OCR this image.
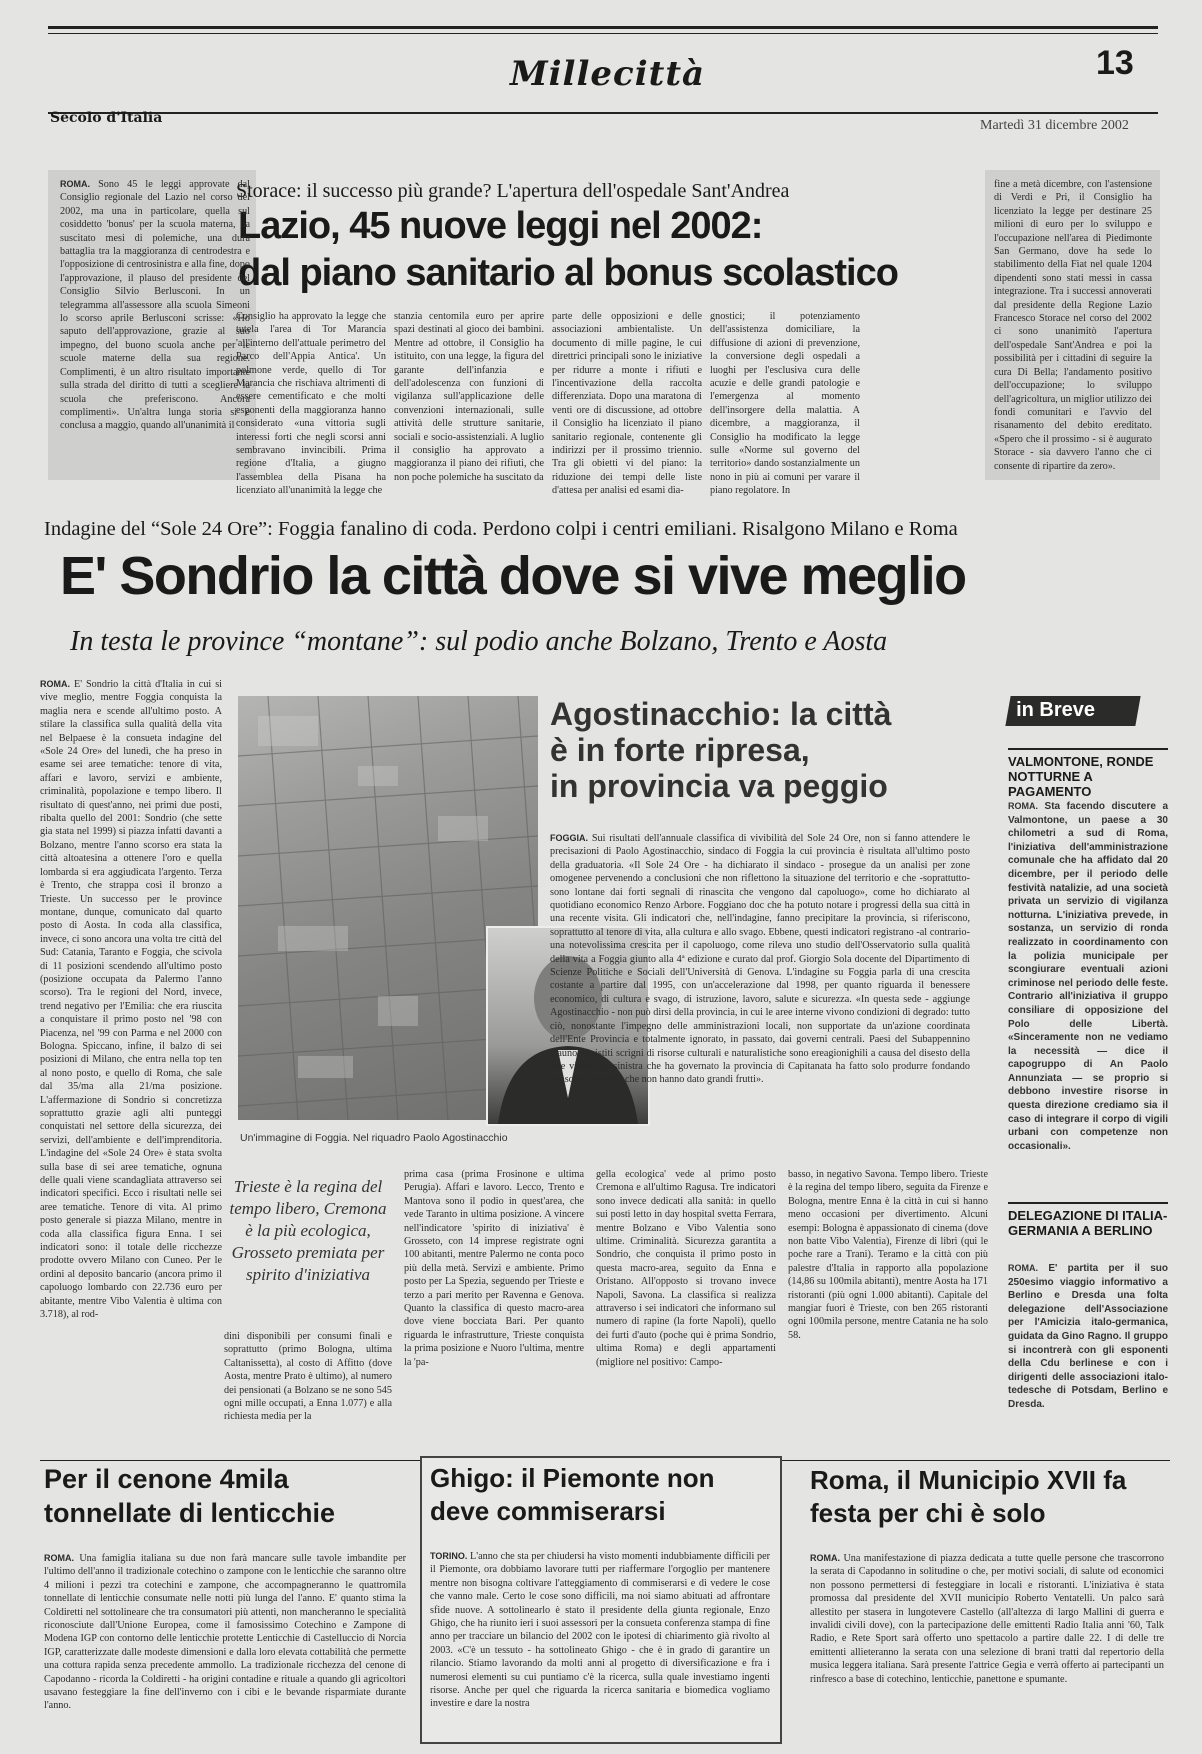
Millecittà	13
Secolo d'Italia	Martedì 31 dicembre 2002
Storace: il successo più grande? L'apertura dell'ospedale Sant'Andrea
Lazio, 45 nuove leggi nel 2002:
dal piano sanitario al bonus scolastico
ROMA. Sono 45 le leggi approvate dal Consiglio regionale del Lazio nel corso del 2002, ma una in particolare, quella sul cosiddetto 'bonus' per la scuola materna, ha suscitato mesi di polemiche, una dura battaglia tra la maggioranza di centrodestra e l'opposizione di centrosinistra e alla fine, dopo l'approvazione, il plauso del presidente del Consiglio Silvio Berlusconi. In un telegramma all'assessore alla scuola Simeoni lo scorso aprile Berlusconi scrisse: «Ho saputo dell'approvazione, grazie al suo impegno, del buono scuola anche per le scuole materne della sua regione. Complimenti, è un altro risultato importante sulla strada del diritto di tutti a scegliere la scuola che preferiscono. Ancora complimenti». Un'altra lunga storia si è conclusa a maggio, quando all'unanimità il
Consiglio ha approvato la legge che tutela l'area di Tor Marancia 'all'interno dell'attuale perimetro del Parco dell'Appia Antica'. Un polmone verde, quello di Tor Marancia che rischiava altrimenti di essere cementificato e che molti esponenti della maggioranza hanno considerato «una vittoria sugli interessi forti che negli scorsi anni sembravano invincibili. Prima regione d'Italia, a giugno l'assemblea della Pisana ha licenziato all'unanimità la legge che
stanzia centomila euro per aprire spazi destinati al gioco dei bambini. Mentre ad ottobre, il Consiglio ha istituito, con una legge, la figura del garante dell'infanzia e dell'adolescenza con funzioni di vigilanza sull'applicazione delle convenzioni internazionali, sulle attività delle strutture sanitarie, sociali e socio-assistenziali. A luglio il consiglio ha approvato a maggioranza il piano dei rifiuti, che non poche polemiche ha suscitato da
parte delle opposizioni e delle associazioni ambientaliste. Un documento di mille pagine, le cui direttrici principali sono le iniziative per ridurre a monte i rifiuti e l'incentivazione della raccolta differenziata. Dopo una maratona di venti ore di discussione, ad ottobre il Consiglio ha licenziato il piano sanitario regionale, contenente gli indirizzi per il prossimo triennio. Tra gli obietti vi del piano: la riduzione dei tempi delle liste d'attesa per analisi ed esami dia-
gnostici; il potenziamento dell'assistenza domiciliare, la diffusione di azioni di prevenzione, la conversione degli ospedali a luoghi per l'esclusiva cura delle acuzie e delle grandi patologie e l'emergenza al momento dell'insorgere della malattia. A dicembre, a maggioranza, il Consiglio ha modificato la legge sulle «Norme sul governo del territorio» dando sostanzialmente un nono in più ai comuni per varare il piano regolatore. In
fine a metà dicembre, con l'astensione di Verdi e Pri, il Consiglio ha licenziato la legge per destinare 25 milioni di euro per lo sviluppo e l'occupazione nell'area di Piedimonte San Germano, dove ha sede lo stabilimento della Fiat nel quale 1204 dipendenti sono stati messi in cassa integrazione. Tra i successi annoverati dal presidente della Regione Lazio Francesco Storace nel corso del 2002 ci sono unanimitò l'apertura dell'ospedale Sant'Andrea e poi la possibilità per i cittadini di seguire la cura Di Bella; l'andamento positivo dell'occupazione; lo sviluppo dell'agricoltura, un miglior utilizzo dei fondi comunitari e l'avvio del risanamento del debito ereditato. «Spero che il prossimo - si è augurato Storace - sia davvero l'anno che ci consente di ripartire da zero».
Indagine del “Sole 24 Ore”: Foggia fanalino di coda. Perdono colpi i centri emiliani. Risalgono Milano e Roma
E' Sondrio la città dove si vive meglio
In testa le province “montane”: sul podio anche Bolzano, Trento e Aosta
ROMA. E' Sondrio la città d'Italia in cui si vive meglio, mentre Foggia conquista la maglia nera e scende all'ultimo posto. A stilare la classifica sulla qualità della vita nel Belpaese è la consueta indagine del «Sole 24 Ore» del lunedì, che ha preso in esame sei aree tematiche: tenore di vita, affari e lavoro, servizi e ambiente, criminalità, popolazione e tempo libero. Il risultato di quest'anno, nei primi due posti, ribalta quello del 2001: Sondrio (che sette gia stata nel 1999) si piazza infatti davanti a Bolzano, mentre l'anno scorso era stata la città altoatesina a ottenere l'oro e quella lombarda si era aggiudicata l'argento. Terza è Trento, che strappa così il bronzo a Trieste. Un successo per le province montane, dunque, comunicato dal quarto posto di Aosta. In coda alla classifica, invece, ci sono ancora una volta tre città del Sud: Catania, Taranto e Foggia, che scivola di 11 posizioni scendendo all'ultimo posto (posizione occupata da Palermo l'anno scorso). Tra le regioni del Nord, invece, trend negativo per l'Emilia: che era riuscita a conquistare il primo posto nel '98 con Piacenza, nel '99 con Parma e nel 2000 con Bologna. Spiccano, infine, il balzo di sei posizioni di Milano, che entra nella top ten al nono posto, e quello di Roma, che sale dal 35/ma alla 21/ma posizione. L'affermazione di Sondrio si concretizza soprattutto grazie agli alti punteggi conquistati nel settore della sicurezza, dei servizi, dell'ambiente e dell'imprenditoria. L'indagine del «Sole 24 Ore» è stata svolta sulla base di sei aree tematiche, ognuna delle quali viene scandagliata attraverso sei indicatori specifici. Ecco i risultati nelle sei aree tematiche. Tenore di vita. Al primo posto generale si piazza Milano, mentre in coda alla classifica figura Enna. I sei indicatori sono: il totale delle ricchezze prodotte ovvero Milano con Cuneo. Per le ordini al deposito bancario (ancora primo il capoluogo lombardo con 22.736 euro per abitante, mentre Vibo Valentia è ultima con 3.718), al rod-
Un'immagine di Foggia. Nel riquadro Paolo Agostinacchio
Agostinacchio: la città
è in forte ripresa,
in provincia va peggio
FOGGIA. Sui risultati dell'annuale classifica di vivibilità del Sole 24 Ore, non si fanno attendere le precisazioni di Paolo Agostinacchio, sindaco di Foggia la cui provincia è risultata all'ultimo posto della graduatoria. «Il Sole 24 Ore - ha dichiarato il sindaco - prosegue da un analisi per zone omogenee pervenendo a conclusioni che non riflettono la situazione del territorio e che -soprattutto- sono lontane dai forti segnali di rinascita che vengono dal capoluogo», come ho dichiarato al quotidiano economico Renzo Arbore. Foggiano doc che ha potuto notare i progressi della sua città in una recente visita. Gli indicatori che, nell'indagine, fanno precipitare la provincia, si riferiscono, soprattutto al tenore di vita, alla cultura e allo svago. Ebbene, questi indicatori registrano -al contrario- una notevolissima crescita per il capoluogo, come rileva uno studio dell'Osservatorio sulla qualità della vita a Foggia giunto alla 4ª edizione e curato dal prof. Giorgio Sola docente del Dipartimento di Scienze Politiche e Sociali dell'Università di Genova. L'indagine su Foggia parla di una crescita costante a partire dal 1995, con un'accelerazione dal 1998, per quanto riguarda il benessere economico, di cultura e svago, di istruzione, lavoro, salute e sicurezza. «In questa sede - aggiunge Agostinacchio - non può dirsi della provincia, in cui le aree interne vivono condizioni di degrado: tutto ciò, nonostante l'impegno delle amministrazioni locali, non supportate da un'azione coordinata dell'Ente Provincia e totalmente ignorato, in passato, dai governi centrali. Paesi del Subappennino Dauno, assistiti scrigni di risorse culturali e naturalistiche sono ereagionighili a causa del disesto della rete viaria. La sinistra che ha governato la provincia di Capitanata ha fatto solo produrre fondando consorzi e società che non hanno dato grandi frutti».
Trieste è la regina del tempo libero, Cremona è la più ecologica, Grosseto premiata per spirito d'iniziativa
dini disponibili per consumi finali e soprattutto (primo Bologna, ultima Caltanissetta), al costo di Affitto (dove Aosta, mentre Prato è ultimo), al numero dei pensionati (a Bolzano se ne sono 545 ogni mille occupati, a Enna 1.077) e alla richiesta media per la
prima casa (prima Frosinone e ultima Perugia). Affari e lavoro. Lecco, Trento e Mantova sono il podio in quest'area, che vede Taranto in ultima posizione. A vincere nell'indicatore 'spirito di iniziativa' è Grosseto, con 14 imprese registrate ogni 100 abitanti, mentre Palermo ne conta poco più della metà. Servizi e ambiente. Primo posto per La Spezia, seguendo per Trieste e terzo a pari merito per Ravenna e Genova. Quanto la classifica di questo macro-area dove viene bocciata Bari. Per quanto riguarda le infrastrutture, Trieste conquista la prima posizione e Nuoro l'ultima, mentre la 'pa-
gella ecologica' vede al primo posto Cremona e all'ultimo Ragusa. Tre indicatori sono invece dedicati alla sanità: in quello sui posti letto in day hospital svetta Ferrara, mentre Bolzano e Vibo Valentia sono ultime. Criminalità. Sicurezza garantita a Sondrio, che conquista il primo posto in questa macro-area, seguito da Enna e Oristano. All'opposto si trovano invece Napoli, Savona. La classifica si realizza attraverso i sei indicatori che informano sul numero di rapine (la forte Napoli), quello dei furti d'auto (poche qui è prima Sondrio, ultima Roma) e degli appartamenti (migliore nel positivo: Campo-
basso, in negativo Savona. Tempo libero. Trieste è la regina del tempo libero, seguita da Firenze e Bologna, mentre Enna è la città in cui si hanno meno occasioni per divertimento. Alcuni esempi: Bologna è appassionato di cinema (dove non batte Vibo Valentia), Firenze di libri (qui le poche rare a Trani). Teramo e la città con più palestre d'Italia in rapporto alla popolazione (14,86 su 100mila abitanti), mentre Aosta ha 171 ristoranti (più ogni 1.000 abitanti). Capitale del mangiar fuori è Trieste, con ben 265 ristoranti ogni 100mila persone, mentre Catania ne ha solo 58.
in Breve
VALMONTONE, RONDE NOTTURNE A PAGAMENTO
ROMA. Sta facendo discutere a Valmontone, un paese a 30 chilometri a sud di Roma, l'iniziativa dell'amministrazione comunale che ha affidato dal 20 dicembre, per il periodo delle festività natalizie, ad una società privata un servizio di vigilanza notturna. L'iniziativa prevede, in sostanza, un servizio di ronda realizzato in coordinamento con la polizia municipale per scongiurare eventuali azioni criminose nel periodo delle feste. Contrario all'iniziativa il gruppo consiliare di opposizione del Polo delle Libertà. «Sinceramente non ne vediamo la necessità — dice il capogruppo di An Paolo Annunziata — se proprio si debbono investire risorse in questa direzione crediamo sia il caso di integrare il corpo di vigili urbani con competenze non occasionali».
DELEGAZIONE DI ITALIA-GERMANIA A BERLINO
ROMA. E' partita per il suo 250esimo viaggio informativo a Berlino e Dresda una folta delegazione dell'Associazione per l'Amicizia italo-germanica, guidata da Gino Ragno. Il gruppo si incontrerà con gli esponenti della Cdu berlinese e con i dirigenti delle associazioni italo-tedesche di Potsdam, Berlino e Dresda.
Per il cenone 4mila tonnellate di lenticchie
ROMA. Una famiglia italiana su due non farà mancare sulle tavole imbandite per l'ultimo dell'anno il tradizionale cotechino o zampone con le lenticchie che saranno oltre 4 milioni i pezzi tra cotechini e zampone, che accompagneranno le quattromila tonnellate di lenticchie consumate nelle notti più lunga del l'anno. E' quanto stima la Coldiretti nel sottolineare che tra consumatori più attenti, non mancheranno le specialità riconosciute dall'Unione Europea, come il famosissimo Cotechino e Zampone di Modena IGP con contorno delle lenticchie protette Lenticchie di Castelluccio di Norcia IGP, caratterizzate dalle modeste dimensioni e dalla loro elevata cottabilità che permette una cottura rapida senza precedente ammollo. La tradizionale ricchezza del cenone di Capodanno - ricorda la Coldiretti - ha origini contadine e rituale a quando gli agricoltori usavano festeggiare la fine dell'inverno con i cibi e le bevande risparmiate durante l'anno.
Ghigo: il Piemonte non deve commiserarsi
TORINO. L'anno che sta per chiudersi ha visto momenti indubbiamente difficili per il Piemonte, ora dobbiamo lavorare tutti per riaffermare l'orgoglio per mantenere mentre non bisogna coltivare l'atteggiamento di commiserarsi e di vedere le cose che vanno male. Certo le cose sono difficili, ma noi siamo abituati ad affrontare sfide nuove. A sottolinearlo è stato il presidente della giunta regionale, Enzo Ghigo, che ha riunito ieri i suoi assessori per la consueta conferenza stampa di fine anno per tracciare un bilancio del 2002 con le ipotesi di chiarimento già rivolto al 2003. «C'è un tessuto - ha sottolineato Ghigo - che è in grado di garantire un rilancio. Stiamo lavorando da molti anni al progetto di diversificazione e fra i numerosi elementi su cui puntiamo c'è la ricerca, sulla quale investiamo ingenti risorse. Anche per quel che riguarda la ricerca sanitaria e biomedica vogliamo investire e dare la nostra
Roma, il Municipio XVII fa festa per chi è solo
ROMA. Una manifestazione di piazza dedicata a tutte quelle persone che trascorrono la serata di Capodanno in solitudine o che, per motivi sociali, di salute od economici non possono permettersi di festeggiare in locali e ristoranti. L'iniziativa è stata promossa dal presidente del XVII municipio Roberto Ventatelli. Un palco sarà allestito per stasera in lungotevere Castello (all'altezza di largo Mallini di guerra e invalidi civili dove), con la partecipazione delle emittenti Radio Italia anni '60, Talk Radio, e Rete Sport sarà offerto uno spettacolo a partire dalle 22. I di delle tre emittenti allieteranno la serata con una selezione di brani tratti dal repertorio della musica leggera italiana. Sarà presente l'attrice Gegia e verrà offerto ai partecipanti un rinfresco a base di cotechino, lenticchie, panettone e spumante.
